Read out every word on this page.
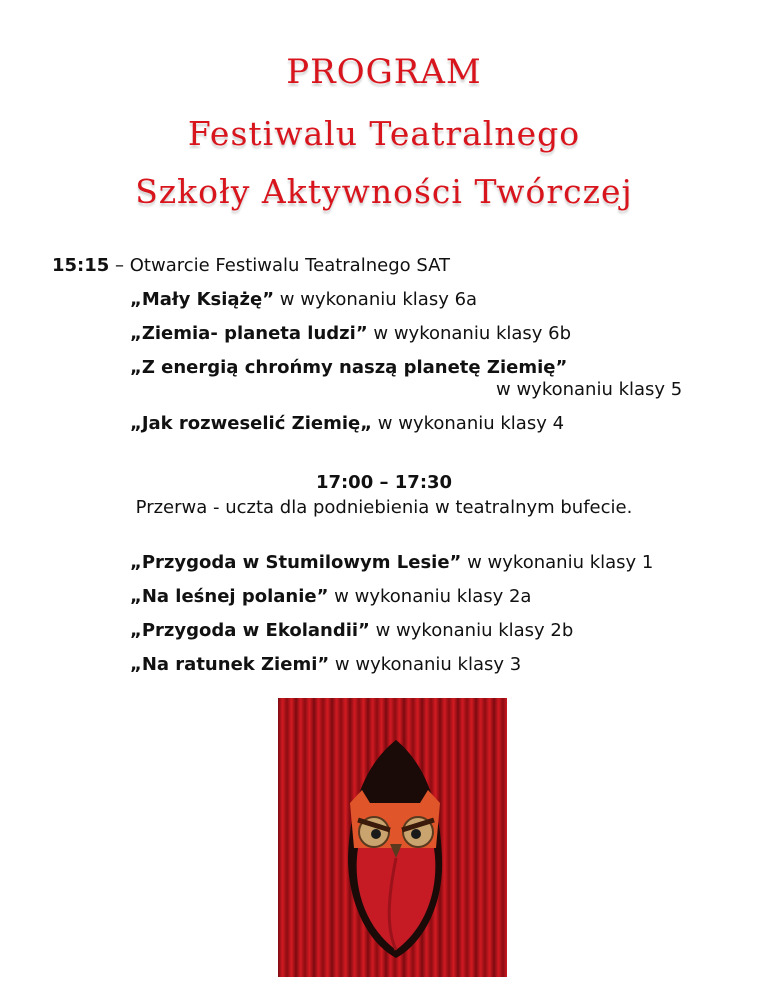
PROGRAM
Festiwalu Teatralnego
Szkoły Aktywności Twórczej
15:15 – Otwarcie Festiwalu Teatralnego SAT
„Mały Książę” w wykonaniu klasy 6a
„Ziemia- planeta ludzi” w wykonaniu klasy 6b
„Z energią chrońmy naszą planetę Ziemię”
w wykonaniu klasy 5
„Jak rozweselić Ziemię„ w wykonaniu klasy 4
17:00 – 17:30
Przerwa - uczta dla podniebienia w teatralnym bufecie.
„Przygoda w Stumilowym Lesie” w wykonaniu klasy 1
„Na leśnej polanie” w wykonaniu klasy 2a
„Przygoda w Ekolandii” w wykonaniu klasy 2b
„Na ratunek Ziemi” w wykonaniu klasy 3
